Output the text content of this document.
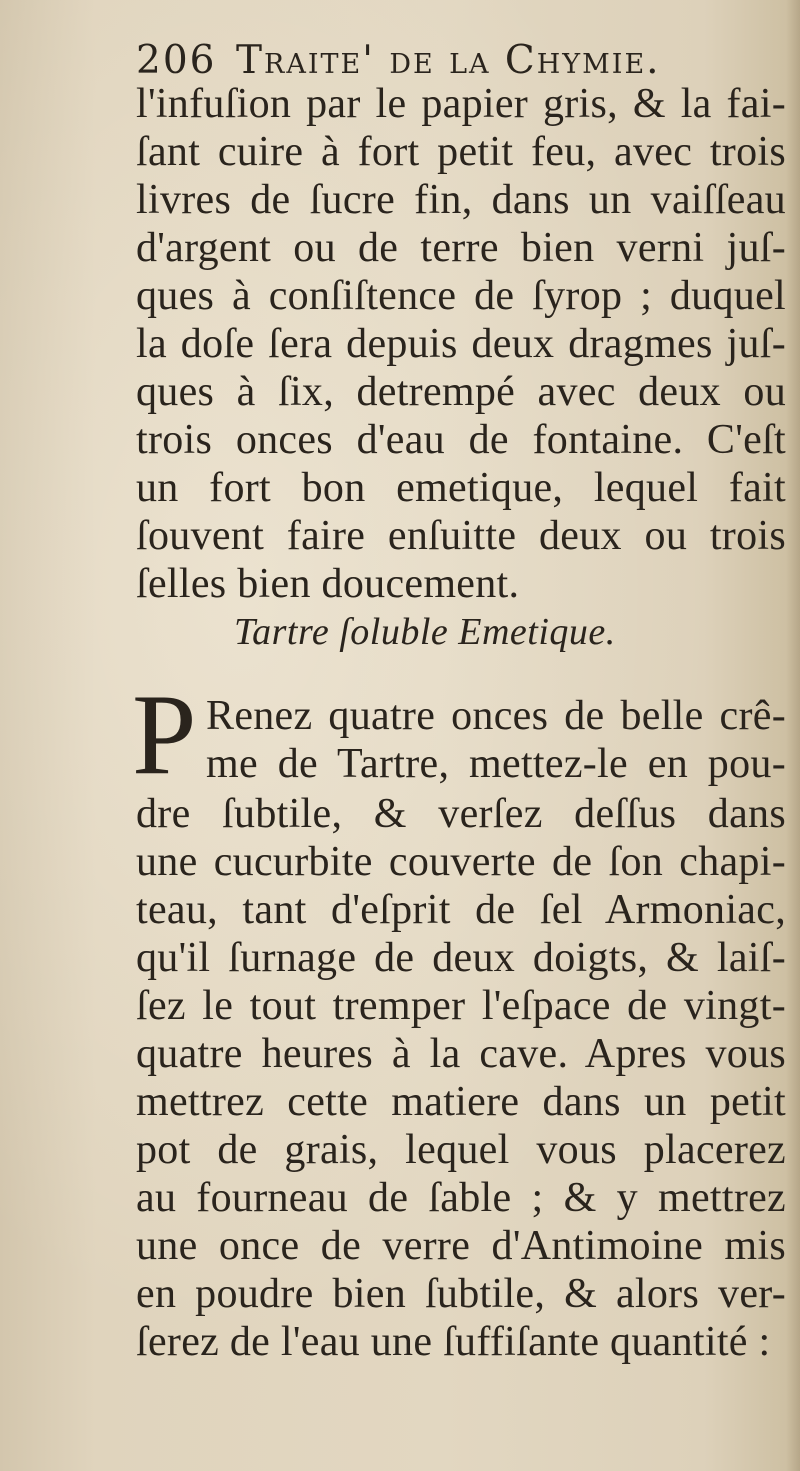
206 Traite' de la Chymie.
l'infuſion par le papier gris, & la fai-
ſant cuire à fort petit feu, avec trois
livres de ſucre fin, dans un vaiſſeau
d'argent ou de terre bien verni juſ-
ques à conſiſtence de ſyrop ; duquel
la doſe ſera depuis deux dragmes juſ-
ques à ſix, detrempé avec deux ou
trois onces d'eau de fontaine. C'eſt
un fort bon emetique, lequel fait
ſouvent faire enſuitte deux ou trois
ſelles bien doucement.
Tartre ſoluble Emetique.
P Renez quatre onces de belle crê-
me de Tartre, mettez-le en pou-
dre ſubtile, & verſez deſſus dans
une cucurbite couverte de ſon chapi-
teau, tant d'eſprit de ſel Armoniac,
qu'il ſurnage de deux doigts, & laiſ-
ſez le tout tremper l'eſpace de vingt-
quatre heures à la cave. Apres vous
mettrez cette matiere dans un petit
pot de grais, lequel vous placerez
au fourneau de ſable ; & y mettrez
une once de verre d'Antimoine mis
en poudre bien ſubtile, & alors ver-
ſerez de l'eau une ſuffiſante quantité :
